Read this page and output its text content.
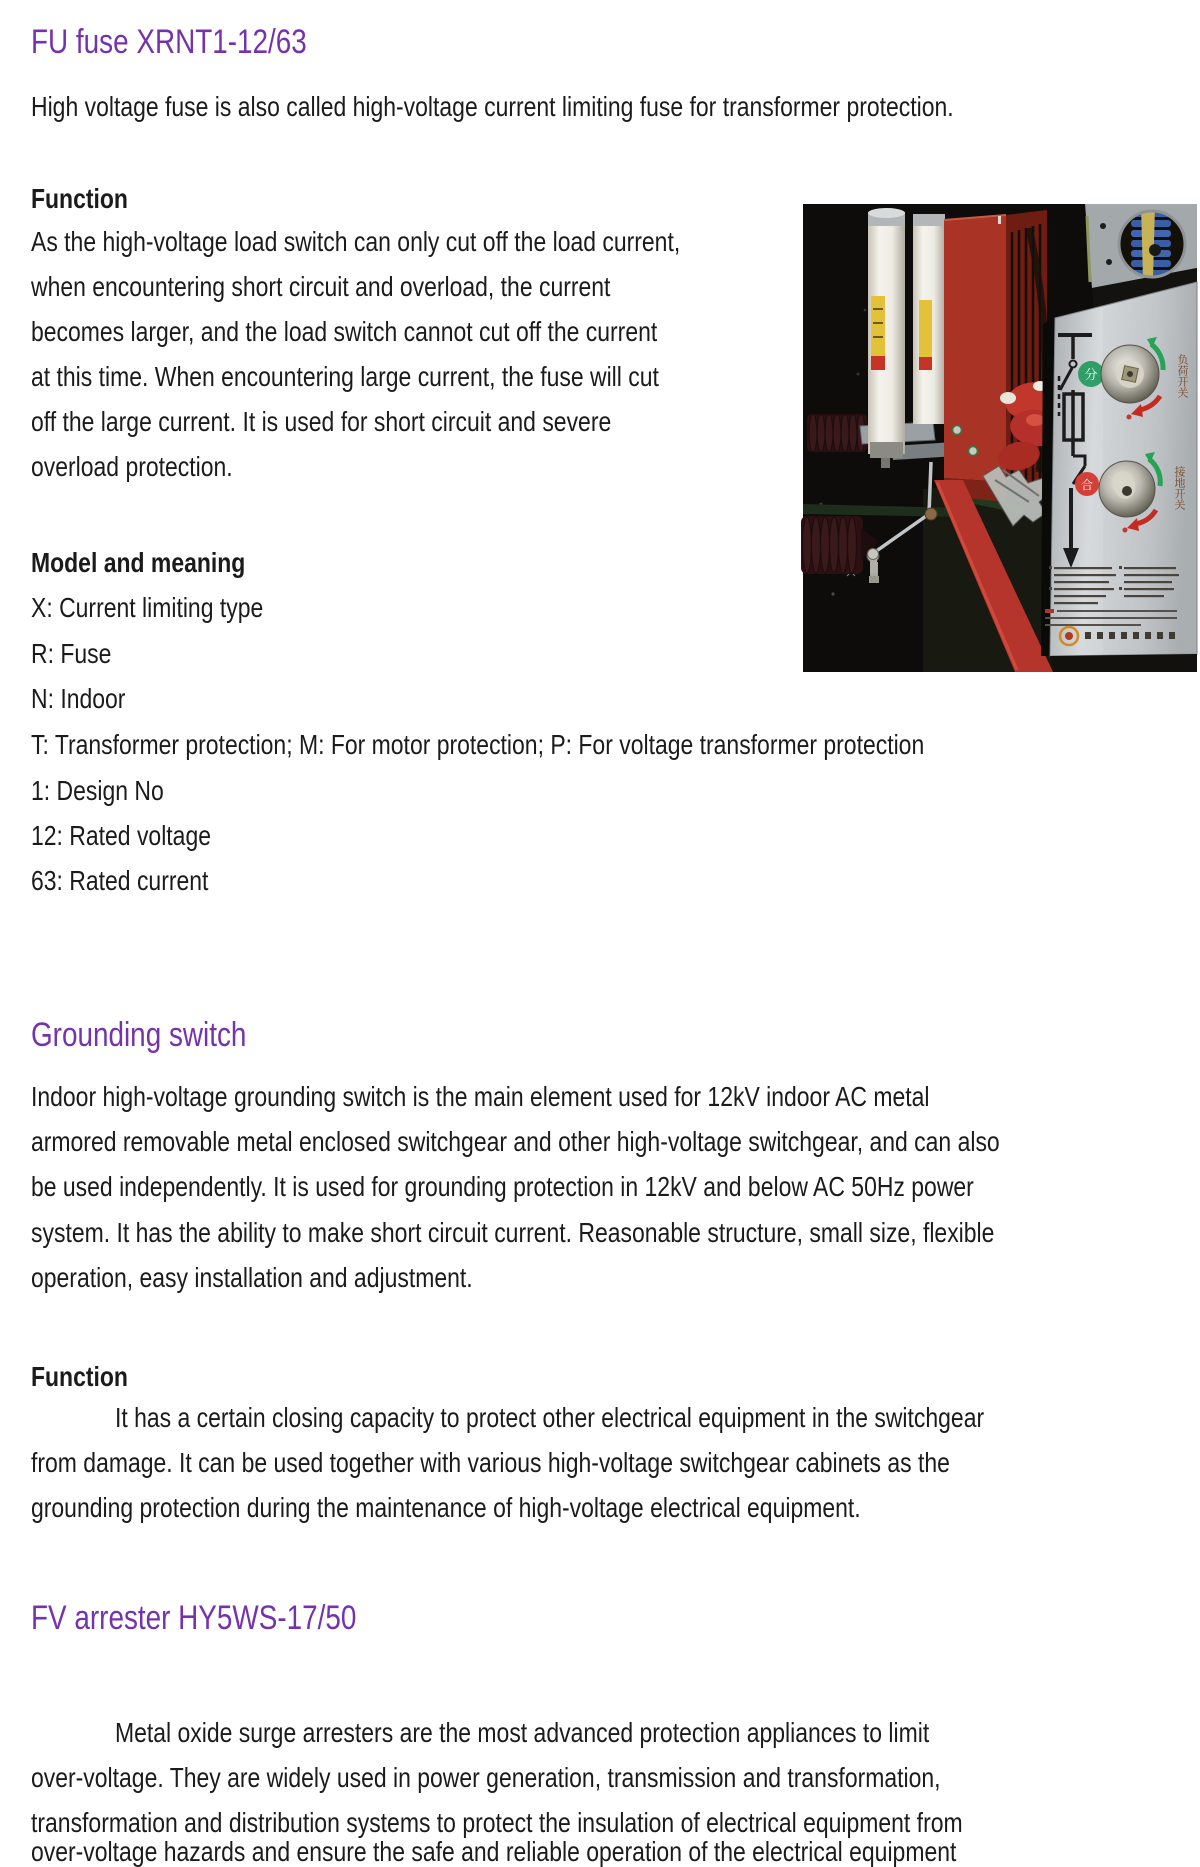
FU fuse XRNT1-12/63
High voltage fuse is also called high-voltage current limiting fuse for transformer protection.
Function
As the high-voltage load switch can only cut off the load current,
when encountering short circuit and overload, the current
becomes larger, and the load switch cannot cut off the current
at this time. When encountering large current, the fuse will cut
off the large current. It is used for short circuit and severe
overload protection.
Model and meaning
X: Current limiting type
R: Fuse
N: Indoor
T: Transformer protection; M: For motor protection; P: For voltage transformer protection
1: Design No
12: Rated voltage
63: Rated current
分
合
负荷开关
接地开关
Grounding switch
Indoor high-voltage grounding switch is the main element used for 12kV indoor AC metal
armored removable metal enclosed switchgear and other high-voltage switchgear, and can also
be used independently. It is used for grounding protection in 12kV and below AC 50Hz power
system. It has the ability to make short circuit current. Reasonable structure, small size, flexible
operation, easy installation and adjustment.
Function
It has a certain closing capacity to protect other electrical equipment in the switchgear
from damage. It can be used together with various high-voltage switchgear cabinets as the
grounding protection during the maintenance of high-voltage electrical equipment.
FV arrester HY5WS-17/50
Metal oxide surge arresters are the most advanced protection appliances to limit
over-voltage. They are widely used in power generation, transmission and transformation,
transformation and distribution systems to protect the insulation of electrical equipment from
over-voltage hazards and ensure the safe and reliable operation of the electrical equipment
